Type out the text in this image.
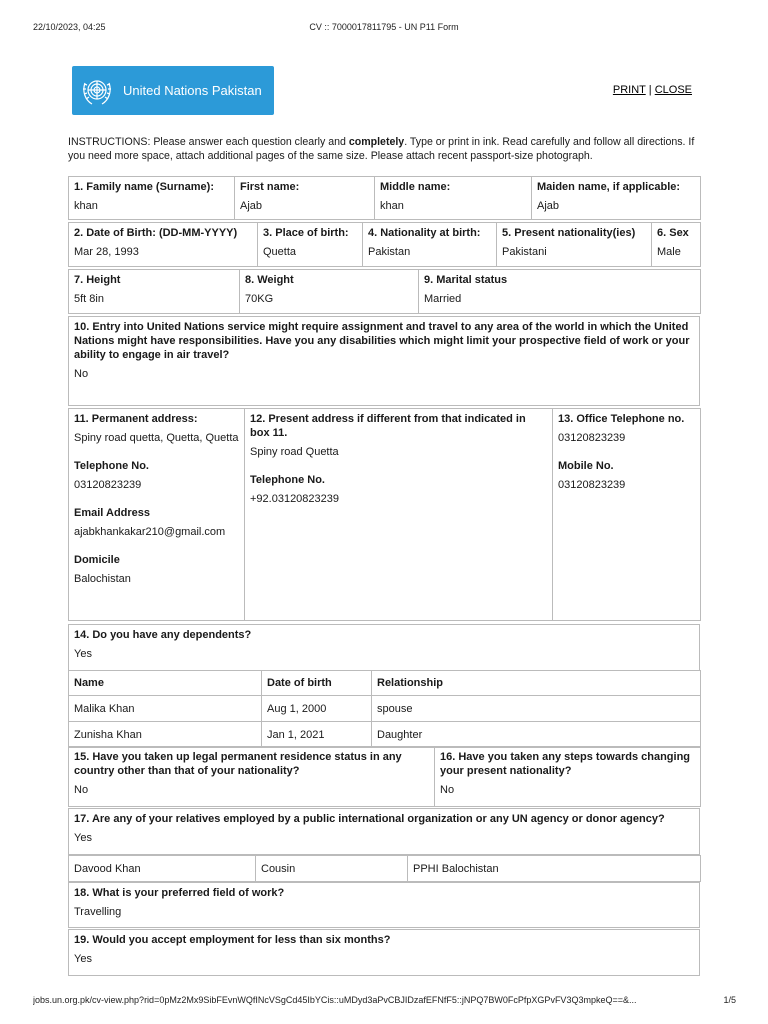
22/10/2023, 04:25	CV :: 7000017811795 - UN P11 Form
United Nations Pakistan	PRINT | CLOSE
INSTRUCTIONS: Please answer each question clearly and completely. Type or print in ink. Read carefully and follow all directions. If you need more space, attach additional pages of the same size. Please attach recent passport-size photograph.
1. Family name (Surname):
khan

First name:
Ajab

Middle name:
khan

Maiden name, if applicable:
Ajab
2. Date of Birth: (DD-MM-YYYY)
Mar 28, 1993

3. Place of birth:
Quetta

4. Nationality at birth:
Pakistan

5. Present nationality(ies)
Pakistani

6. Sex
Male
7. Height
5ft 8in

8. Weight
70KG

9. Marital status
Married
10. Entry into United Nations service might require assignment and travel to any area of the world in which the United Nations might have responsibilities. Have you any disabilities which might limit your prospective field of work or your ability to engage in air travel?
No
11. Permanent address:
Spiny road quetta, Quetta, Quetta
Telephone No.
03120823239
Email Address
ajabkhankakar210@gmail.com
Domicile
Balochistan

12. Present address if different from that indicated in box 11.
Spiny road Quetta
Telephone No.
+92.03120823239

13. Office Telephone no.
03120823239
Mobile No.
03120823239
14. Do you have any dependents?
Yes
Name	Date of birth	Relationship
Malika Khan	Aug 1, 2000	spouse
Zunisha Khan	Jan 1, 2021	Daughter
15. Have you taken up legal permanent residence status in any country other than that of your nationality?
No

16. Have you taken any steps towards changing your present nationality?
No
17. Are any of your relatives employed by a public international organization or any UN agency or donor agency?
Yes
Davood Khan	Cousin	PPHI Balochistan
18. What is your preferred field of work?
Travelling
19. Would you accept employment for less than six months?
Yes
jobs.un.org.pk/cv-view.php?rid=0pMz2Mx9SibFEvnWQfINcVSgCd45IbYCis::uMDyd3aPvCBJIDzafEFNfF5::jNPQ7BW0FcPfpXGPvFV3Q3mpkeQ==&...	1/5
